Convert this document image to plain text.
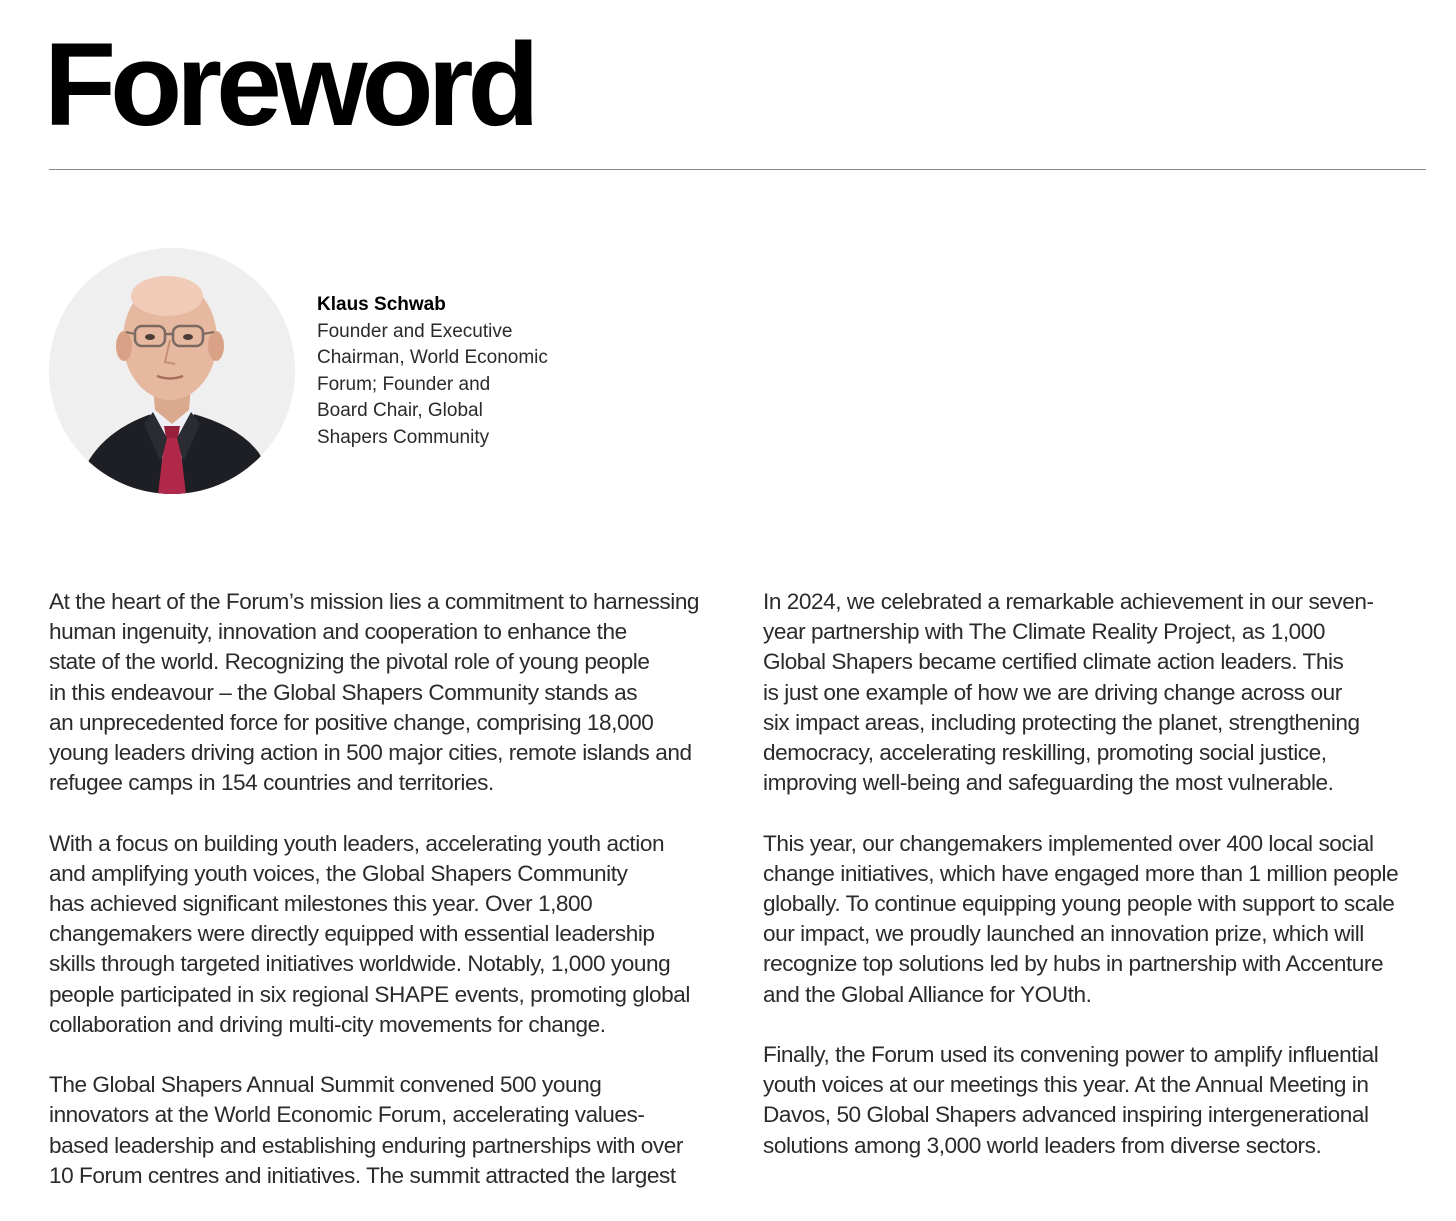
Foreword
Klaus Schwab
Founder and Executive
Chairman, World Economic
Forum; Founder and
Board Chair, Global
Shapers Community

At the heart of the Forum’s mission lies a commitment to harnessing
human ingenuity, innovation and cooperation to enhance the
state of the world. Recognizing the pivotal role of young people
in this endeavour – the Global Shapers Community stands as
an unprecedented force for positive change, comprising 18,000
young leaders driving action in 500 major cities, remote islands and
refugee camps in 154 countries and territories.

With a focus on building youth leaders, accelerating youth action
and amplifying youth voices, the Global Shapers Community
has achieved significant milestones this year. Over 1,800
changemakers were directly equipped with essential leadership
skills through targeted initiatives worldwide. Notably, 1,000 young
people participated in six regional SHAPE events, promoting global
collaboration and driving multi-city movements for change.

The Global Shapers Annual Summit convened 500 young
innovators at the World Economic Forum, accelerating values-
based leadership and establishing enduring partnerships with over
10 Forum centres and initiatives. The summit attracted the largest

In 2024, we celebrated a remarkable achievement in our seven-
year partnership with The Climate Reality Project, as 1,000
Global Shapers became certified climate action leaders. This
is just one example of how we are driving change across our
six impact areas, including protecting the planet, strengthening
democracy, accelerating reskilling, promoting social justice,
improving well-being and safeguarding the most vulnerable.

This year, our changemakers implemented over 400 local social
change initiatives, which have engaged more than 1 million people
globally. To continue equipping young people with support to scale
our impact, we proudly launched an innovation prize, which will
recognize top solutions led by hubs in partnership with Accenture
and the Global Alliance for YOUth.

Finally, the Forum used its convening power to amplify influential
youth voices at our meetings this year. At the Annual Meeting in
Davos, 50 Global Shapers advanced inspiring intergenerational
solutions among 3,000 world leaders from diverse sectors.
